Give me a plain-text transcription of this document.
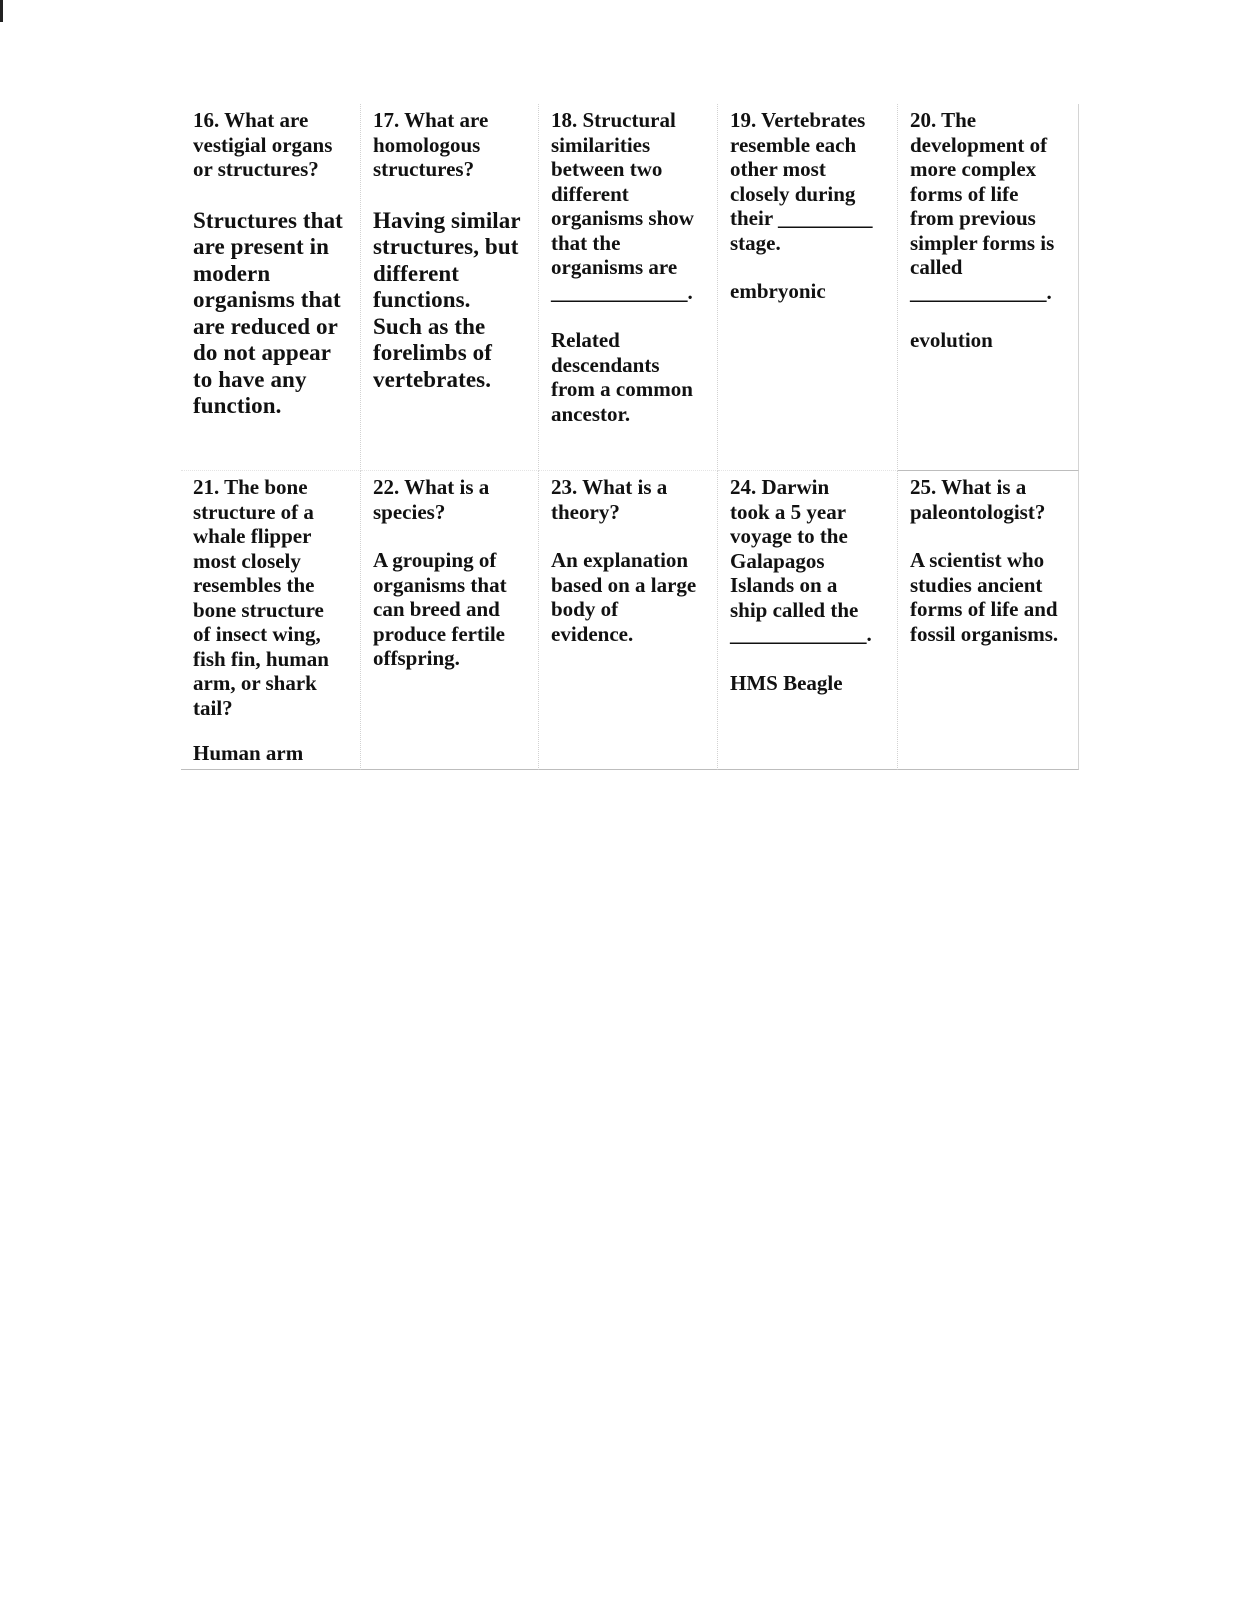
16. What are
vestigial organs
or structures?

Structures that
are present in
modern
organisms that
are reduced or
do not appear
to have any
function.

17. What are
homologous
structures?

Having similar
structures, but
different
functions.
Such as the
forelimbs of
vertebrates.

18. Structural
similarities
between two
different
organisms show
that the
organisms are
_____________.

Related
descendants
from a common
ancestor.

19. Vertebrates
resemble each
other most
closely during
their _________
stage.

embryonic

20. The
development of
more complex
forms of life
from previous
simpler forms is
called
_____________.

evolution

21. The bone
structure of a
whale flipper
most closely
resembles the
bone structure
of insect wing,
fish fin, human
arm, or shark
tail?

Human arm

22. What is a
species?

A grouping of
organisms that
can breed and
produce fertile
offspring.

23. What is a
theory?

An explanation
based on a large
body of
evidence.

24. Darwin
took a 5 year
voyage to the
Galapagos
Islands on a
ship called the
_____________.

HMS Beagle

25. What is a
paleontologist?

A scientist who
studies ancient
forms of life and
fossil organisms.
